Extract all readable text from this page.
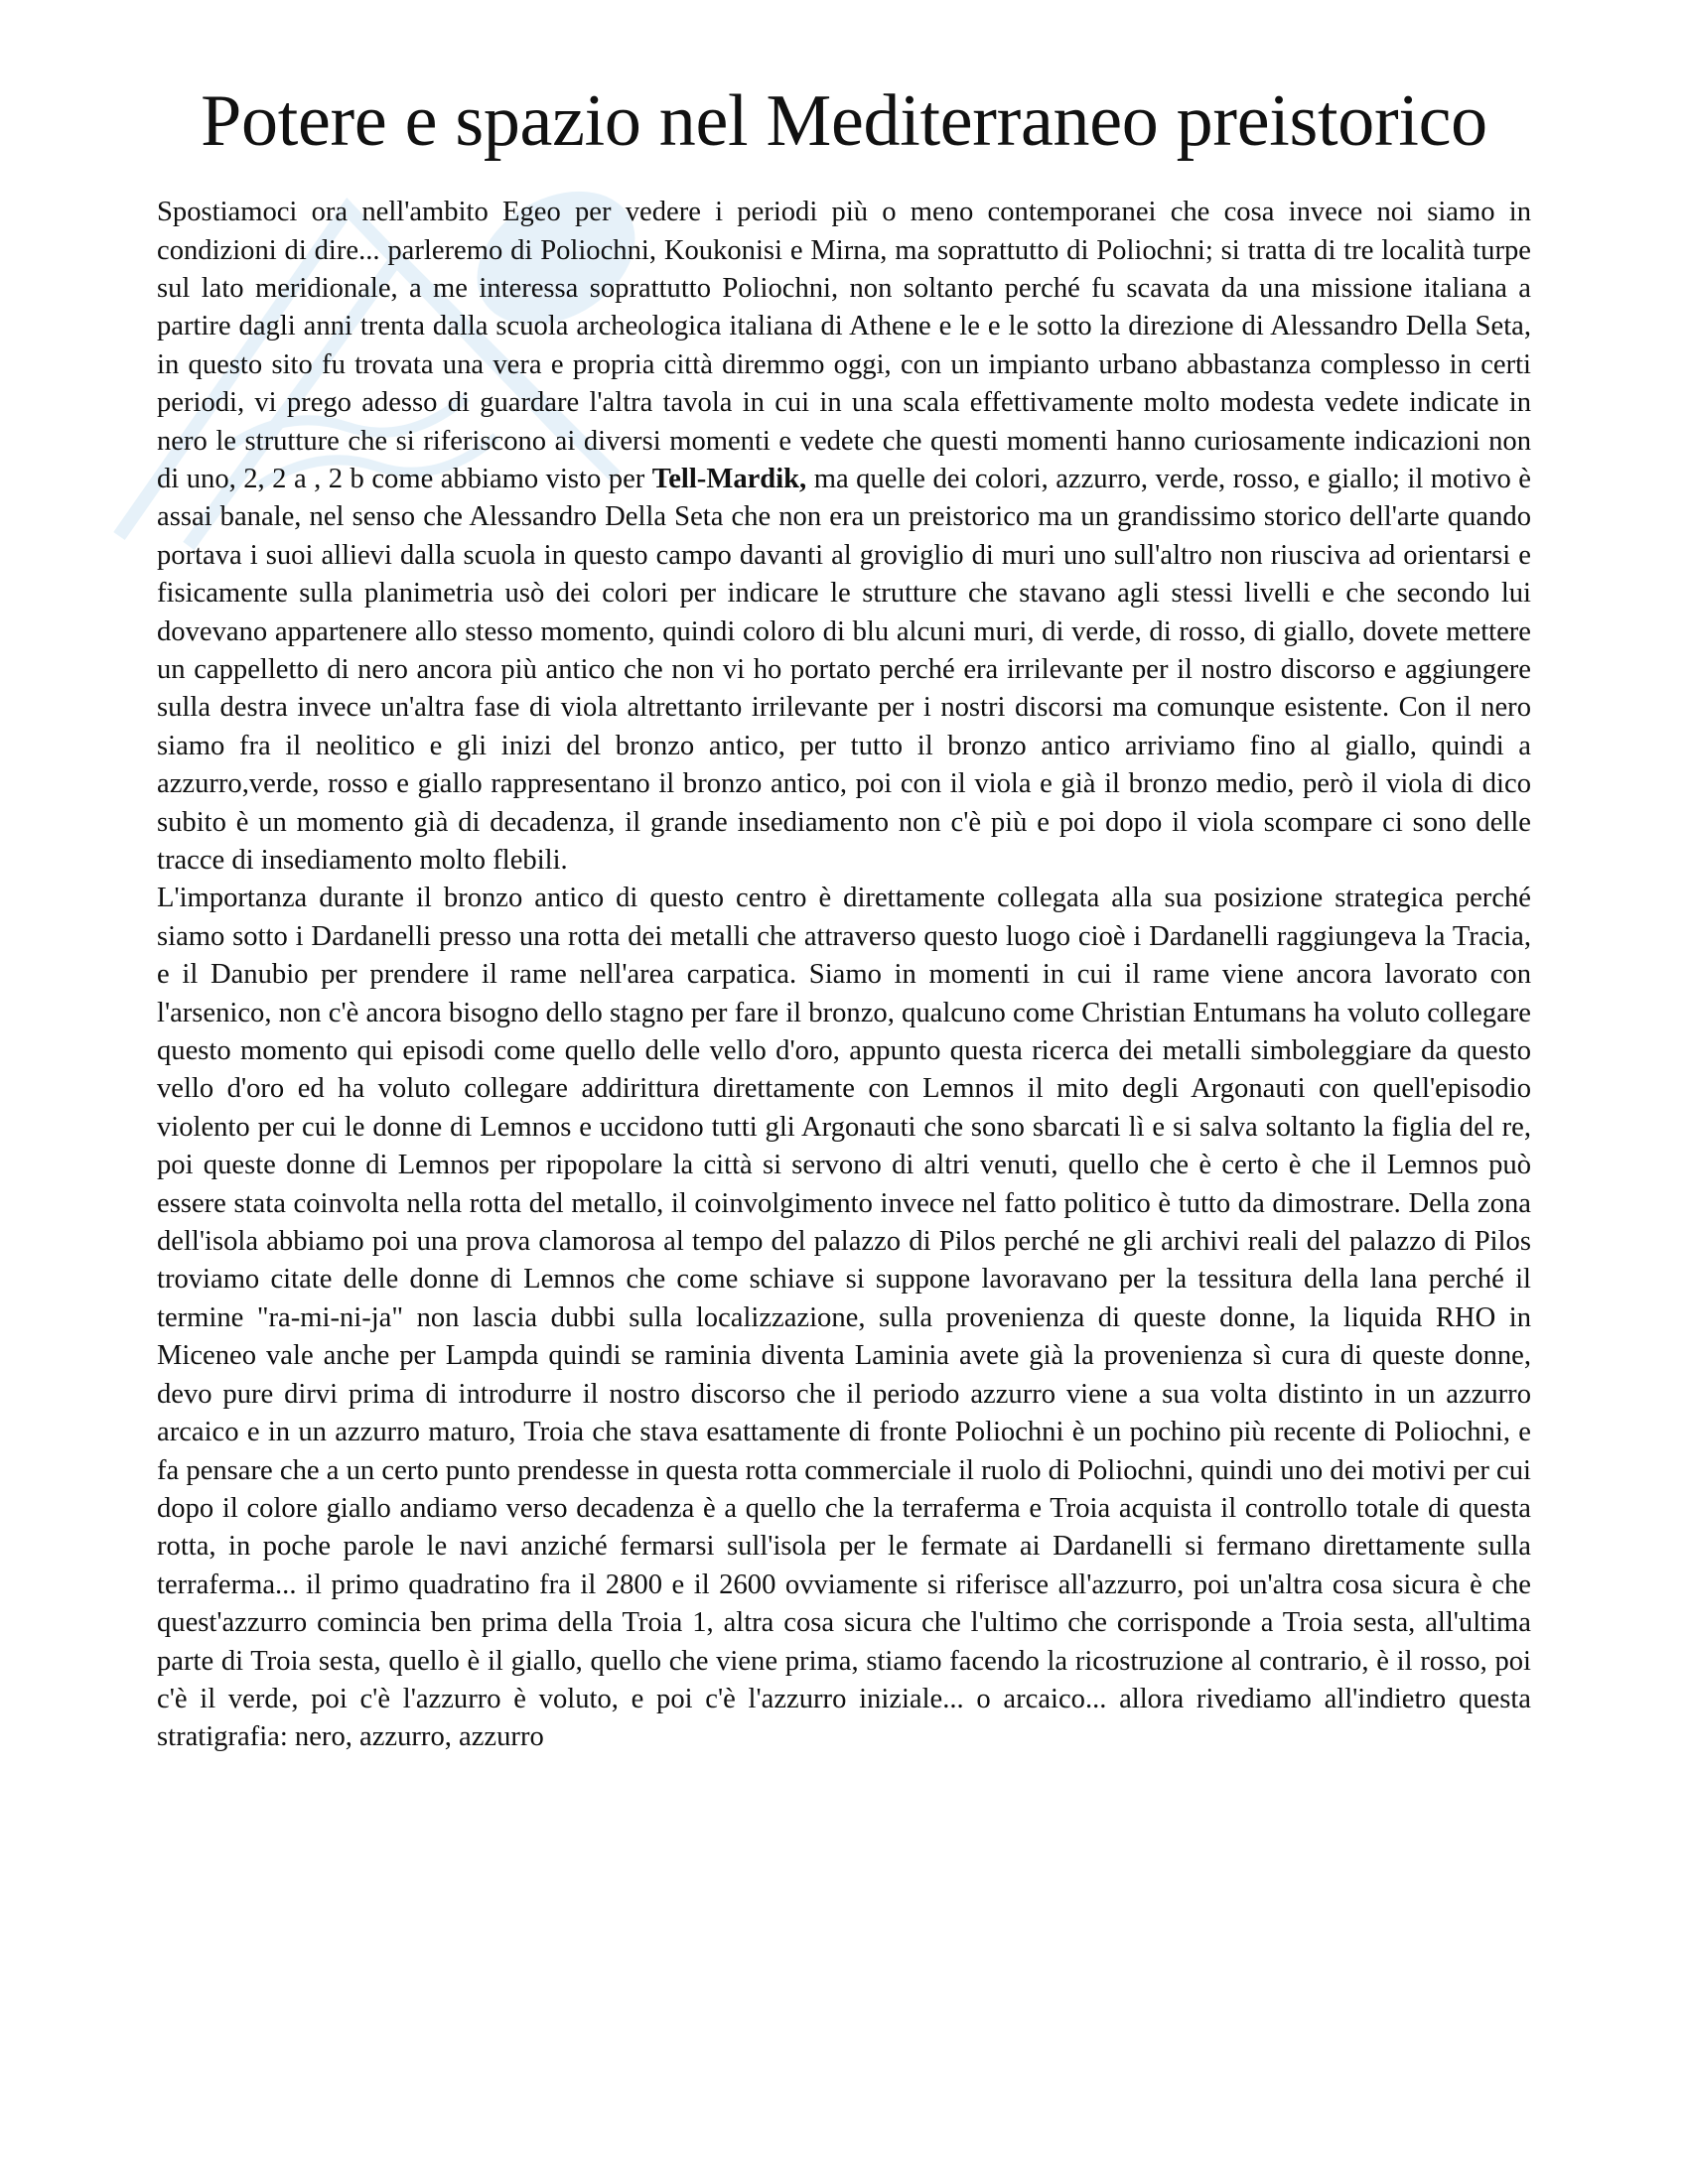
Potere e spazio nel Mediterraneo preistorico

Spostiamoci ora nell'ambito Egeo per vedere i periodi più o meno contemporanei che cosa invece noi siamo in condizioni di dire... parleremo di Poliochni, Koukonisi e Mirna, ma soprattutto di Poliochni; si tratta di tre località turpe sul lato meridionale, a me interessa soprattutto Poliochni, non soltanto perché fu scavata da una missione italiana a partire dagli anni trenta dalla scuola archeologica italiana di Athene e le e le sotto la direzione di Alessandro Della Seta, in questo sito fu trovata una vera e propria città diremmo oggi, con un impianto urbano abbastanza complesso in certi periodi, vi prego adesso di guardare l'altra tavola in cui in una scala effettivamente molto modesta vedete indicate in nero le strutture che si riferiscono ai diversi momenti e vedete che questi momenti hanno curiosamente indicazioni non di uno, 2, 2 a , 2 b come abbiamo visto per Tell-Mardik, ma quelle dei colori, azzurro, verde, rosso, e giallo; il motivo è assai banale, nel senso che Alessandro Della Seta che non era un preistorico ma un grandissimo storico dell'arte quando portava i suoi allievi dalla scuola in questo campo davanti al groviglio di muri uno sull'altro non riusciva ad orientarsi e fisicamente sulla planimetria usò dei colori per indicare le strutture che stavano agli stessi livelli e che secondo lui dovevano appartenere allo stesso momento, quindi coloro di blu alcuni muri, di verde, di rosso, di giallo, dovete mettere un cappelletto di nero ancora più antico che non vi ho portato perché era irrilevante per il nostro discorso e aggiungere sulla destra invece un'altra fase di viola altrettanto irrilevante per i nostri discorsi ma comunque esistente. Con il nero siamo fra il neolitico e gli inizi del bronzo antico, per tutto il bronzo antico arriviamo fino al giallo, quindi a azzurro,verde, rosso e giallo rappresentano il bronzo antico, poi con il viola e già il bronzo medio, però il viola di dico subito è un momento già di decadenza, il grande insediamento non c'è più e poi dopo il viola scompare ci sono delle tracce di insediamento molto flebili.

L'importanza durante il bronzo antico di questo centro è direttamente collegata alla sua posizione strategica perché siamo sotto i Dardanelli presso una rotta dei metalli che attraverso questo luogo cioè i Dardanelli raggiungeva la Tracia, e il Danubio per prendere il rame nell'area carpatica. Siamo in momenti in cui il rame viene ancora lavorato con l'arsenico, non c'è ancora bisogno dello stagno per fare il bronzo, qualcuno come Christian Entumans ha voluto collegare questo momento qui episodi come quello delle vello d'oro, appunto questa ricerca dei metalli simboleggiare da questo vello d'oro ed ha voluto collegare addirittura direttamente con Lemnos il mito degli Argonauti con quell'episodio violento per cui le donne di Lemnos e uccidono tutti gli Argonauti che sono sbarcati lì e si salva soltanto la figlia del re, poi queste donne di Lemnos per ripopolare la città si servono di altri venuti, quello che è certo è che il Lemnos può essere stata coinvolta nella rotta del metallo, il coinvolgimento invece nel fatto politico è tutto da dimostrare. Della zona dell'isola abbiamo poi una prova clamorosa al tempo del palazzo di Pilos perché ne gli archivi reali del palazzo di Pilos troviamo citate delle donne di Lemnos che come schiave si suppone lavoravano per la tessitura della lana perché il termine "ra-mi-ni-ja" non lascia dubbi sulla localizzazione, sulla provenienza di queste donne, la liquida RHO in Miceneo vale anche per Lampda quindi se raminia diventa Laminia avete già la provenienza sì cura di queste donne, devo pure dirvi prima di introdurre il nostro discorso che il periodo azzurro viene a sua volta distinto in un azzurro arcaico e in un azzurro maturo, Troia che stava esattamente di fronte Poliochni è un pochino più recente di Poliochni, e fa pensare che a un certo punto prendesse in questa rotta commerciale il ruolo di Poliochni, quindi uno dei motivi per cui dopo il colore giallo andiamo verso decadenza è a quello che la terraferma e Troia acquista il controllo totale di questa rotta, in poche parole le navi anziché fermarsi sull'isola per le fermate ai Dardanelli si fermano direttamente sulla terraferma... il primo quadratino fra il 2800 e il 2600 ovviamente si riferisce all'azzurro, poi un'altra cosa sicura è che quest'azzurro comincia ben prima della Troia 1, altra cosa sicura che l'ultimo che corrisponde a Troia sesta, all'ultima parte di Troia sesta, quello è il giallo, quello che viene prima, stiamo facendo la ricostruzione al contrario, è il rosso, poi c'è il verde, poi c'è l'azzurro è voluto, e poi c'è l'azzurro iniziale... o arcaico... allora rivediamo all'indietro questa stratigrafia: nero, azzurro, azzurro
